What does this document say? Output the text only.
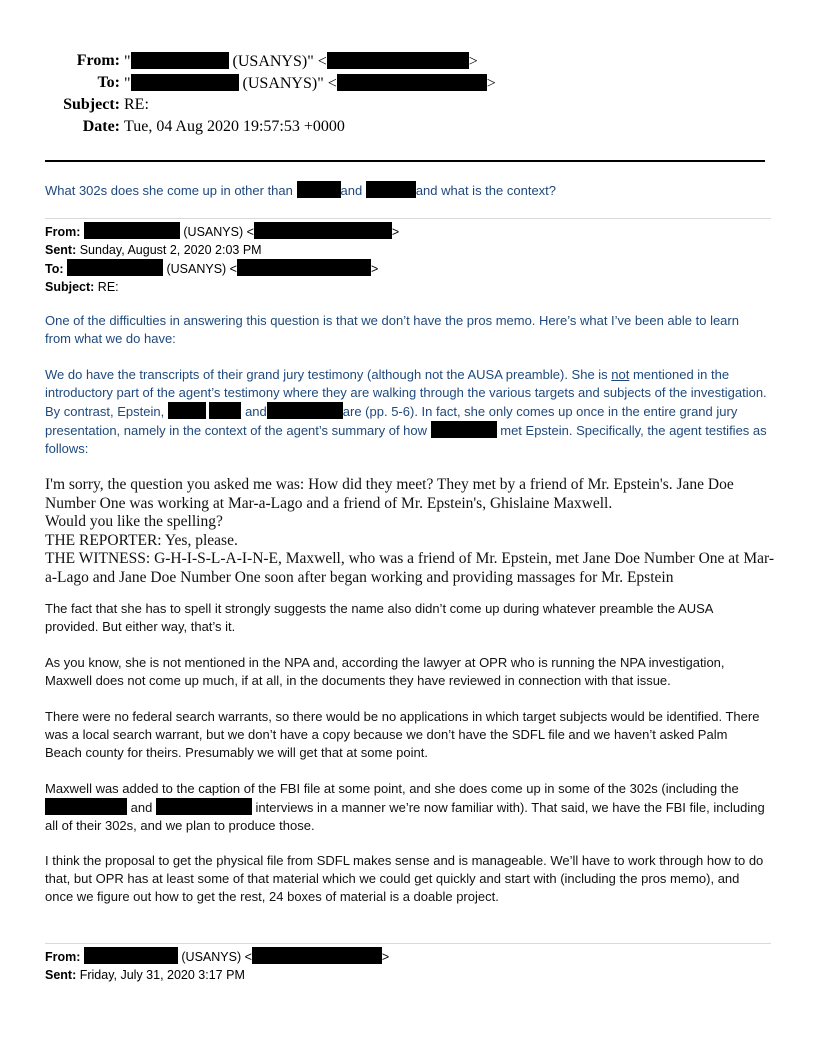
From: "	(USANYS)" <	>
To: "	(USANYS)" <	>
Subject: RE:
Date: Tue, 04 Aug 2020 19:57:53 +0000
What 302s does she come up in other than	and	and what is the context?
From:	(USANYS) <	>
Sent: Sunday, August 2, 2020 2:03 PM
To:	(USANYS) <	>
Subject: RE:
One of the difficulties in answering this question is that we don’t have the pros memo. Here’s what I’ve been able to learn from what we do have:
We do have the transcripts of their grand jury testimony (although not the AUSA preamble). She is not mentioned in the introductory part of the agent’s testimony where they are walking through the various targets and subjects of the investigation. By contrast, Epstein,	and	are (pp. 5-6). In fact, she only comes up once in the entire grand jury presentation, namely in the context of the agent’s summary of how	met Epstein. Specifically, the agent testifies as follows:

I'm sorry, the question you asked me was: How did they meet? They met by a friend of Mr. Epstein's. Jane Doe Number One was working at Mar-a-Lago and a friend of Mr. Epstein's, Ghislaine Maxwell.

Would you like the spelling?

THE REPORTER: Yes, please.

THE WITNESS: G-H-I-S-L-A-I-N-E, Maxwell, who was a friend of Mr. Epstein, met Jane Doe Number One at Mar-a-Lago and Jane Doe Number One soon after began working and providing massages for Mr. Epstein

The fact that she has to spell it strongly suggests the name also didn’t come up during whatever preamble the AUSA provided. But either way, that’s it.
As you know, she is not mentioned in the NPA and, according the lawyer at OPR who is running the NPA investigation, Maxwell does not come up much, if at all, in the documents they have reviewed in connection with that issue.
There were no federal search warrants, so there would be no applications in which target subjects would be identified. There was a local search warrant, but we don’t have a copy because we don’t have the SDFL file and we haven’t asked Palm Beach county for theirs. Presumably we will get that at some point.
Maxwell was added to the caption of the FBI file at some point, and she does come up in some of the 302s (including the  and	interviews in a manner we’re now familiar with). That said, we have the FBI file, including all of their 302s, and we plan to produce those.
I think the proposal to get the physical file from SDFL makes sense and is manageable. We’ll have to work through how to do that, but OPR has at least some of that material which we could get quickly and start with (including the pros memo), and once we figure out how to get the rest, 24 boxes of material is a doable project.
From:	(USANYS) <	>
Sent: Friday, July 31, 2020 3:17 PM
